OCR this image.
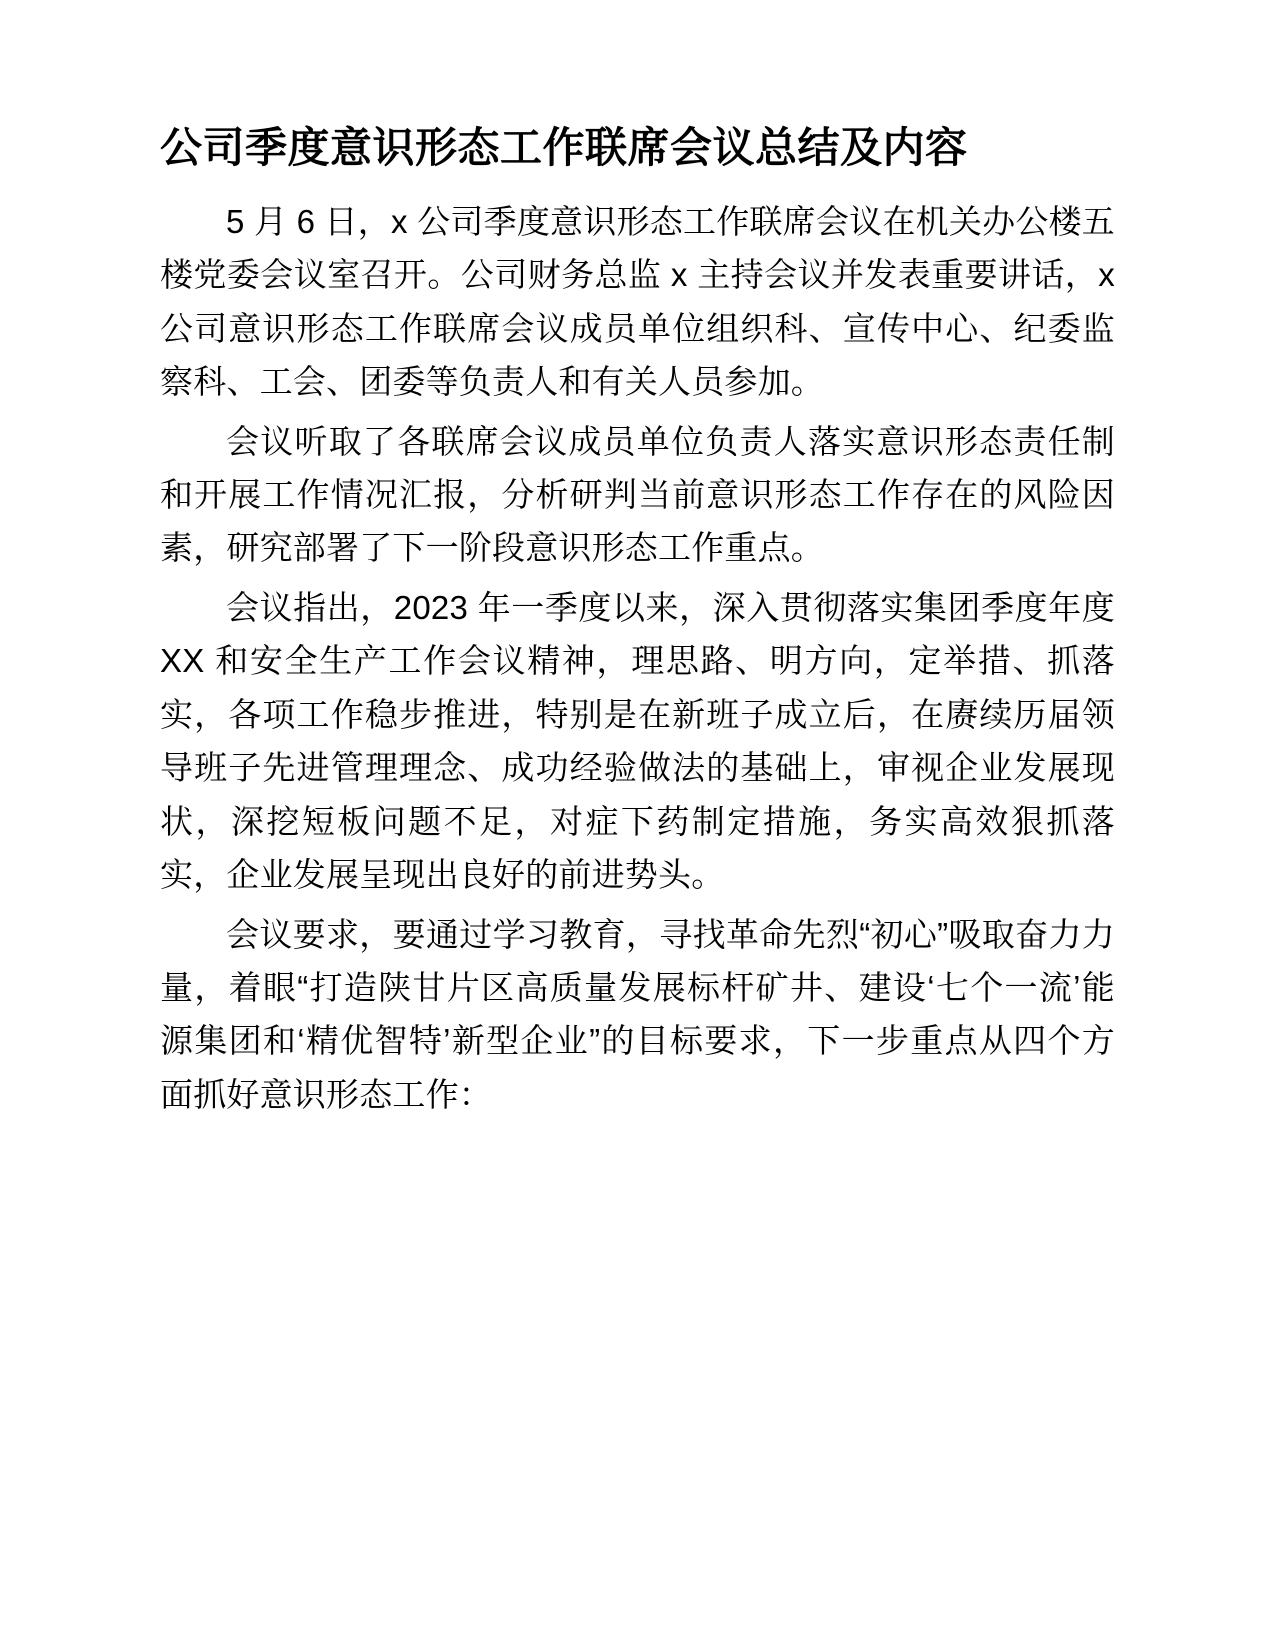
公司季度意识形态工作联席会议总结及内容

5 月 6 日，x 公司季度意识形态工作联席会议在机关办公楼五楼党委会议室召开。公司财务总监 x 主持会议并发表重要讲话，x 公司意识形态工作联席会议成员单位组织科、宣传中心、纪委监察科、工会、团委等负责人和有关人员参加。

会议听取了各联席会议成员单位负责人落实意识形态责任制和开展工作情况汇报，分析研判当前意识形态工作存在的风险因素，研究部署了下一阶段意识形态工作重点。

会议指出，2023 年一季度以来，深入贯彻落实集团季度年度 XX 和安全生产工作会议精神，理思路、明方向，定举措、抓落实，各项工作稳步推进，特别是在新班子成立后，在赓续历届领导班子先进管理理念、成功经验做法的基础上，审视企业发展现状，深挖短板问题不足，对症下药制定措施，务实高效狠抓落实，企业发展呈现出良好的前进势头。

会议要求，要通过学习教育，寻找革命先烈“初心”吸取奋力力量，着眼“打造陕甘片区高质量发展标杆矿井、建设‘七个一流’能源集团和‘精优智特’新型企业”的目标要求，下一步重点从四个方面抓好意识形态工作：
